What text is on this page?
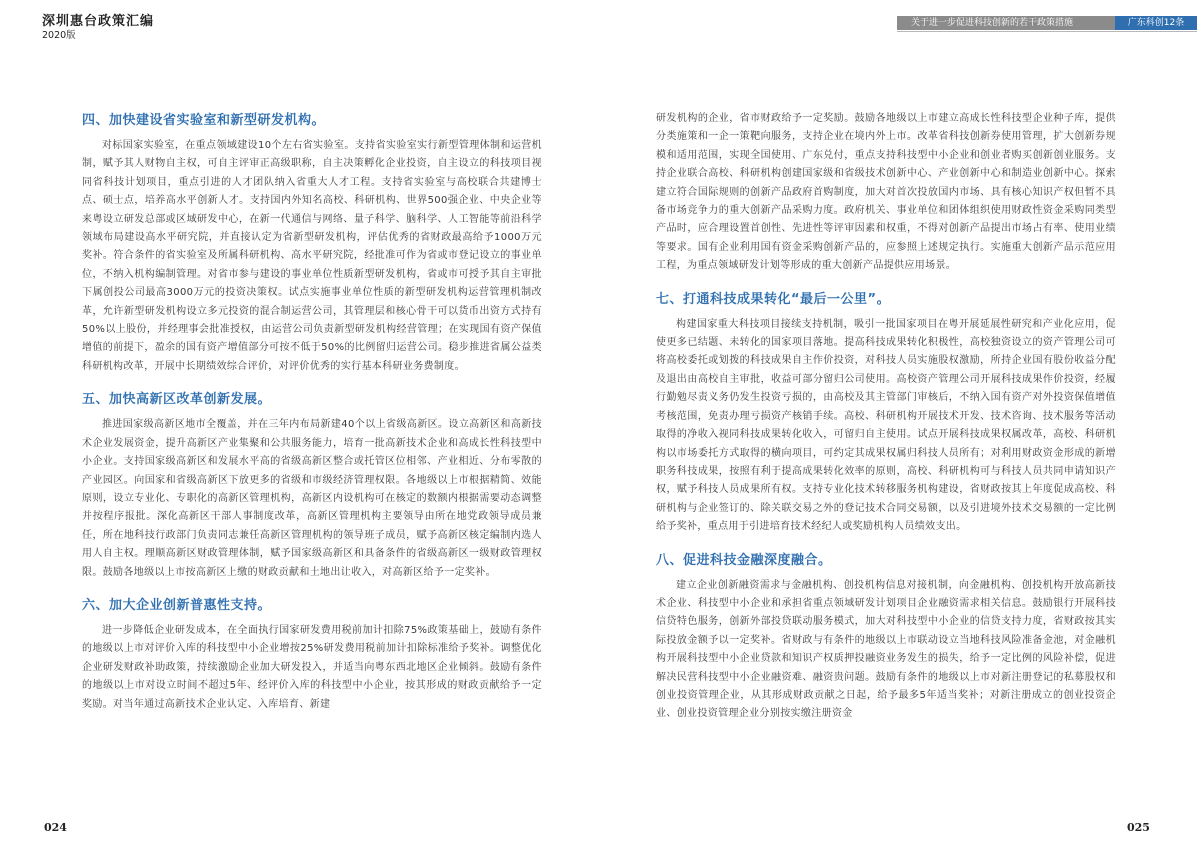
深圳惠台政策汇编
2020版
关于进一步促进科技创新的若干政策措施	广东科创12条
四、加快建设省实验室和新型研发机构。

对标国家实验室，在重点领域建设10个左右省实验室。支持省实验室实行新型管理体制和运营机制，赋予其人财物自主权，可自主评审正高级职称，自主决策孵化企业投资，自主设立的科技项目视同省科技计划项目，重点引进的人才团队纳入省重大人才工程。支持省实验室与高校联合共建博士点、硕士点，培养高水平创新人才。支持国内外知名高校、科研机构、世界500强企业、中央企业等来粤设立研发总部或区域研发中心，在新一代通信与网络、量子科学、脑科学、人工智能等前沿科学领域布局建设高水平研究院，并直接认定为省新型研发机构，评估优秀的省财政最高给予1000万元奖补。符合条件的省实验室及所属科研机构、高水平研究院，经批准可作为省或市登记设立的事业单位，不纳入机构编制管理。对省市参与建设的事业单位性质新型研发机构，省或市可授予其自主审批下属创投公司最高3000万元的投资决策权。试点实施事业单位性质的新型研发机构运营管理机制改革，允许新型研发机构设立多元投资的混合制运营公司，其管理层和核心骨干可以货币出资方式持有50%以上股份，并经理事会批准授权，由运营公司负责新型研发机构经营管理；在实现国有资产保值增值的前提下，盈余的国有资产增值部分可按不低于50%的比例留归运营公司。稳步推进省属公益类科研机构改革，开展中长期绩效综合评价，对评价优秀的实行基本科研业务费制度。

五、加快高新区改革创新发展。

推进国家级高新区地市全覆盖，并在三年内布局新建40个以上省级高新区。设立高新区和高新技术企业发展资金，提升高新区产业集聚和公共服务能力，培育一批高新技术企业和高成长性科技型中小企业。支持国家级高新区和发展水平高的省级高新区整合或托管区位相邻、产业相近、分布零散的产业园区。向国家和省级高新区下放更多的省级和市级经济管理权限。各地级以上市根据精简、效能原则，设立专业化、专职化的高新区管理机构，高新区内设机构可在核定的数额内根据需要动态调整并按程序报批。深化高新区干部人事制度改革，高新区管理机构主要领导由所在地党政领导成员兼任，所在地科技行政部门负责同志兼任高新区管理机构的领导班子成员，赋予高新区核定编制内选人用人自主权。理顺高新区财政管理体制，赋予国家级高新区和具备条件的省级高新区一级财政管理权限。鼓励各地级以上市按高新区上缴的财政贡献和土地出让收入，对高新区给予一定奖补。

六、加大企业创新普惠性支持。

进一步降低企业研发成本，在全面执行国家研发费用税前加计扣除75%政策基础上，鼓励有条件的地级以上市对评价入库的科技型中小企业增按25%研发费用税前加计扣除标准给予奖补。调整优化企业研发财政补助政策，持续激励企业加大研发投入，并适当向粤东西北地区企业倾斜。鼓励有条件的地级以上市对设立时间不超过5年、经评价入库的科技型中小企业，按其形成的财政贡献给予一定奖励。对当年通过高新技术企业认定、入库培育、新建

研发机构的企业，省市财政给予一定奖励。鼓励各地级以上市建立高成长性科技型企业种子库，提供分类施策和一企一策靶向服务，支持企业在境内外上市。改革省科技创新券使用管理，扩大创新券规模和适用范围，实现全国使用、广东兑付，重点支持科技型中小企业和创业者购买创新创业服务。支持企业联合高校、科研机构创建国家级和省级技术创新中心、产业创新中心和制造业创新中心。探索建立符合国际规则的创新产品政府首购制度，加大对首次投放国内市场、具有核心知识产权但暂不具备市场竞争力的重大创新产品采购力度。政府机关、事业单位和团体组织使用财政性资金采购同类型产品时，应合理设置首创性、先进性等评审因素和权重，不得对创新产品提出市场占有率、使用业绩等要求。国有企业利用国有资金采购创新产品的，应参照上述规定执行。实施重大创新产品示范应用工程，为重点领域研发计划等形成的重大创新产品提供应用场景。

七、打通科技成果转化“最后一公里”。

构建国家重大科技项目接续支持机制，吸引一批国家项目在粤开展延展性研究和产业化应用，促使更多已结题、未转化的国家项目落地。提高科技成果转化积极性，高校独资设立的资产管理公司可将高校委托或划拨的科技成果自主作价投资，对科技人员实施股权激励，所持企业国有股份收益分配及退出由高校自主审批，收益可部分留归公司使用。高校资产管理公司开展科技成果作价投资，经履行勤勉尽责义务仍发生投资亏损的，由高校及其主管部门审核后，不纳入国有资产对外投资保值增值考核范围，免责办理亏损资产核销手续。高校、科研机构开展技术开发、技术咨询、技术服务等活动取得的净收入视同科技成果转化收入，可留归自主使用。试点开展科技成果权属改革，高校、科研机构以市场委托方式取得的横向项目，可约定其成果权属归科技人员所有；对利用财政资金形成的新增职务科技成果，按照有利于提高成果转化效率的原则，高校、科研机构可与科技人员共同申请知识产权，赋予科技人员成果所有权。支持专业化技术转移服务机构建设，省财政按其上年度促成高校、科研机构与企业签订的、除关联交易之外的登记技术合同交易额，以及引进境外技术交易额的一定比例给予奖补，重点用于引进培育技术经纪人或奖励机构人员绩效支出。

八、促进科技金融深度融合。

建立企业创新融资需求与金融机构、创投机构信息对接机制，向金融机构、创投机构开放高新技术企业、科技型中小企业和承担省重点领域研发计划项目企业融资需求相关信息。鼓励银行开展科技信贷特色服务，创新外部投贷联动服务模式，加大对科技型中小企业的信贷支持力度，省财政按其实际投放金额予以一定奖补。省财政与有条件的地级以上市联动设立当地科技风险准备金池，对金融机构开展科技型中小企业贷款和知识产权质押投融资业务发生的损失，给予一定比例的风险补偿，促进解决民营科技型中小企业融资难、融资贵问题。鼓励有条件的地级以上市对新注册登记的私募股权和创业投资管理企业，从其形成财政贡献之日起，给予最多5年适当奖补；对新注册成立的创业投资企业、创业投资管理企业分别按实缴注册资金

024	025
